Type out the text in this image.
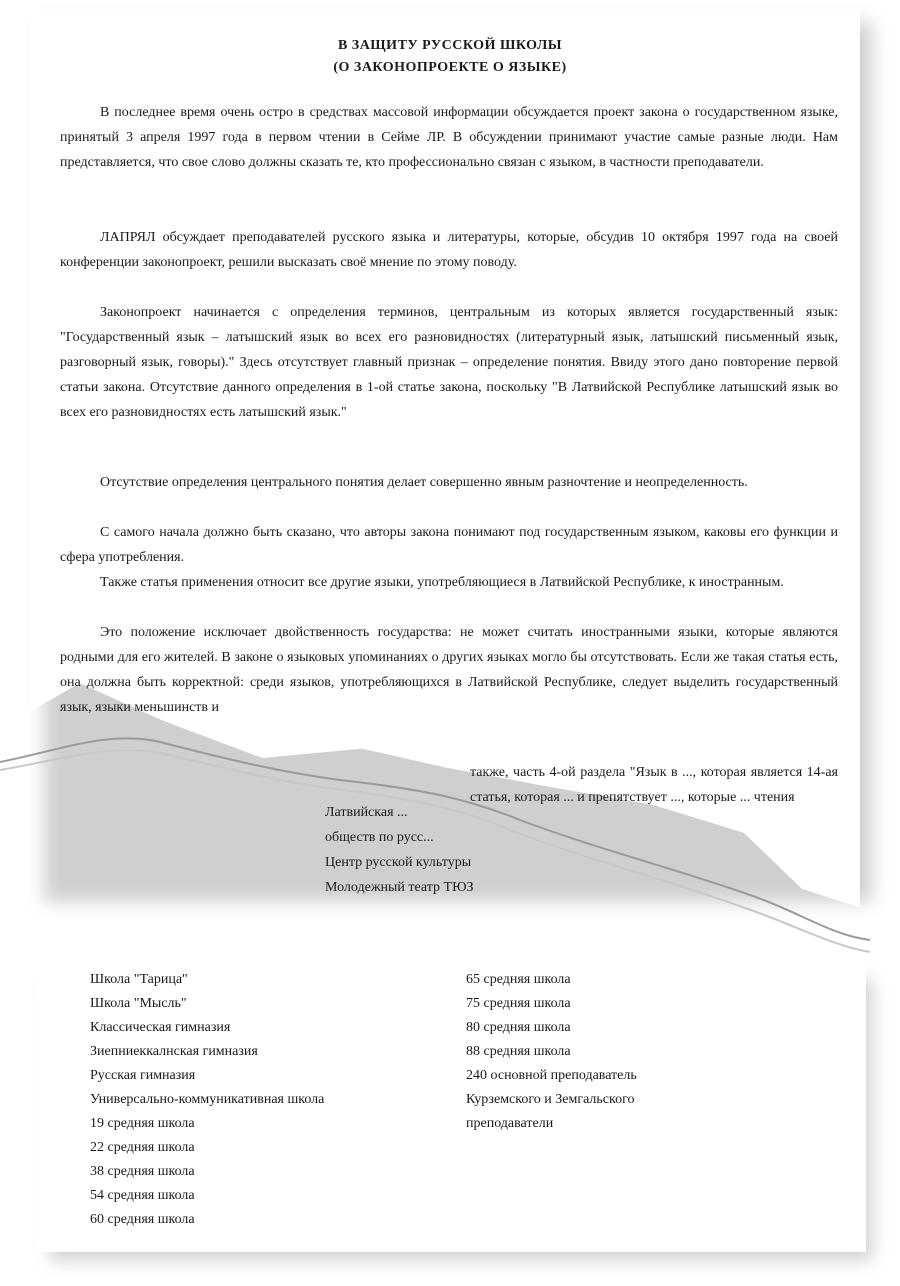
В ЗАЩИТУ РУССКОЙ ШКОЛЫ
(О ЗАКОНОПРОЕКТЕ О ЯЗЫКЕ)

В последнее время очень остро в средствах массовой информации обсуждается проект закона о государственном языке, принятый 3 апреля 1997 года в первом чтении в Сейме ЛР. В обсуждении принимают участие самые разные люди. Нам представляется, что свое слово должны сказать те, кто профессионально связан с языком, в частности преподаватели.

ЛАПРЯЛ обсуждает преподавателей русского языка и литературы, которые, обсудив 10 октября 1997 года на своей конференции законопроект, решили высказать своё мнение по этому поводу.

Законопроект начинается с определения терминов, центральным из которых является государственный язык: "Государственный язык – латышский язык во всех его разновидностях (литературный язык, латышский письменный язык, разговорный язык, говоры)." Здесь отсутствует главный признак – определение понятия. Ввиду этого дано повторение первой статьи закона. Отсутствие данного определения в 1-ой статье закона, поскольку "В Латвийской Республике латышский язык во всех его разновидностях есть латышский язык."

Отсутствие определения центрального понятия делает совершенно явным разночтение и неопределенность.

С самого начала должно быть сказано, что авторы закона понимают под государственным языком, каковы его функции и сфера употребления.

Также статья применения относит все другие языки, употребляющиеся в Латвийской Республике, к иностранным.

Это положение исключает двойственность государства: не может считать иностранными языки, которые являются родными для его жителей. В законе о языковых упоминаниях о других языках могло бы отсутствовать. Если же такая статья есть, она должна быть корректной: среди языков, употребляющихся в Латвийской Республике, следует выделить государственный язык, языки меньшинств и

также, часть 4-ой раздела "Язык в ..., которая является 14-ая статья, которая ... и препятствует ..., которые ... чтения

Латвийская ...
обществ по русс...
Центр русской культуры
Молодежный театр ТЮЗ
Школа "Тарица"
Школа "Мысль"
Классическая гимназия
Зиепниеккалнская гимназия
Русская гимназия
Универсально-коммуникативная школа
19 средняя школа
22 средняя школа
38 средняя школа
54 средняя школа
60 средняя школа
65 средняя школа
75 средняя школа
80 средняя школа
88 средняя школа
240 основной преподаватель
Курземского и Земгальского
преподаватели
